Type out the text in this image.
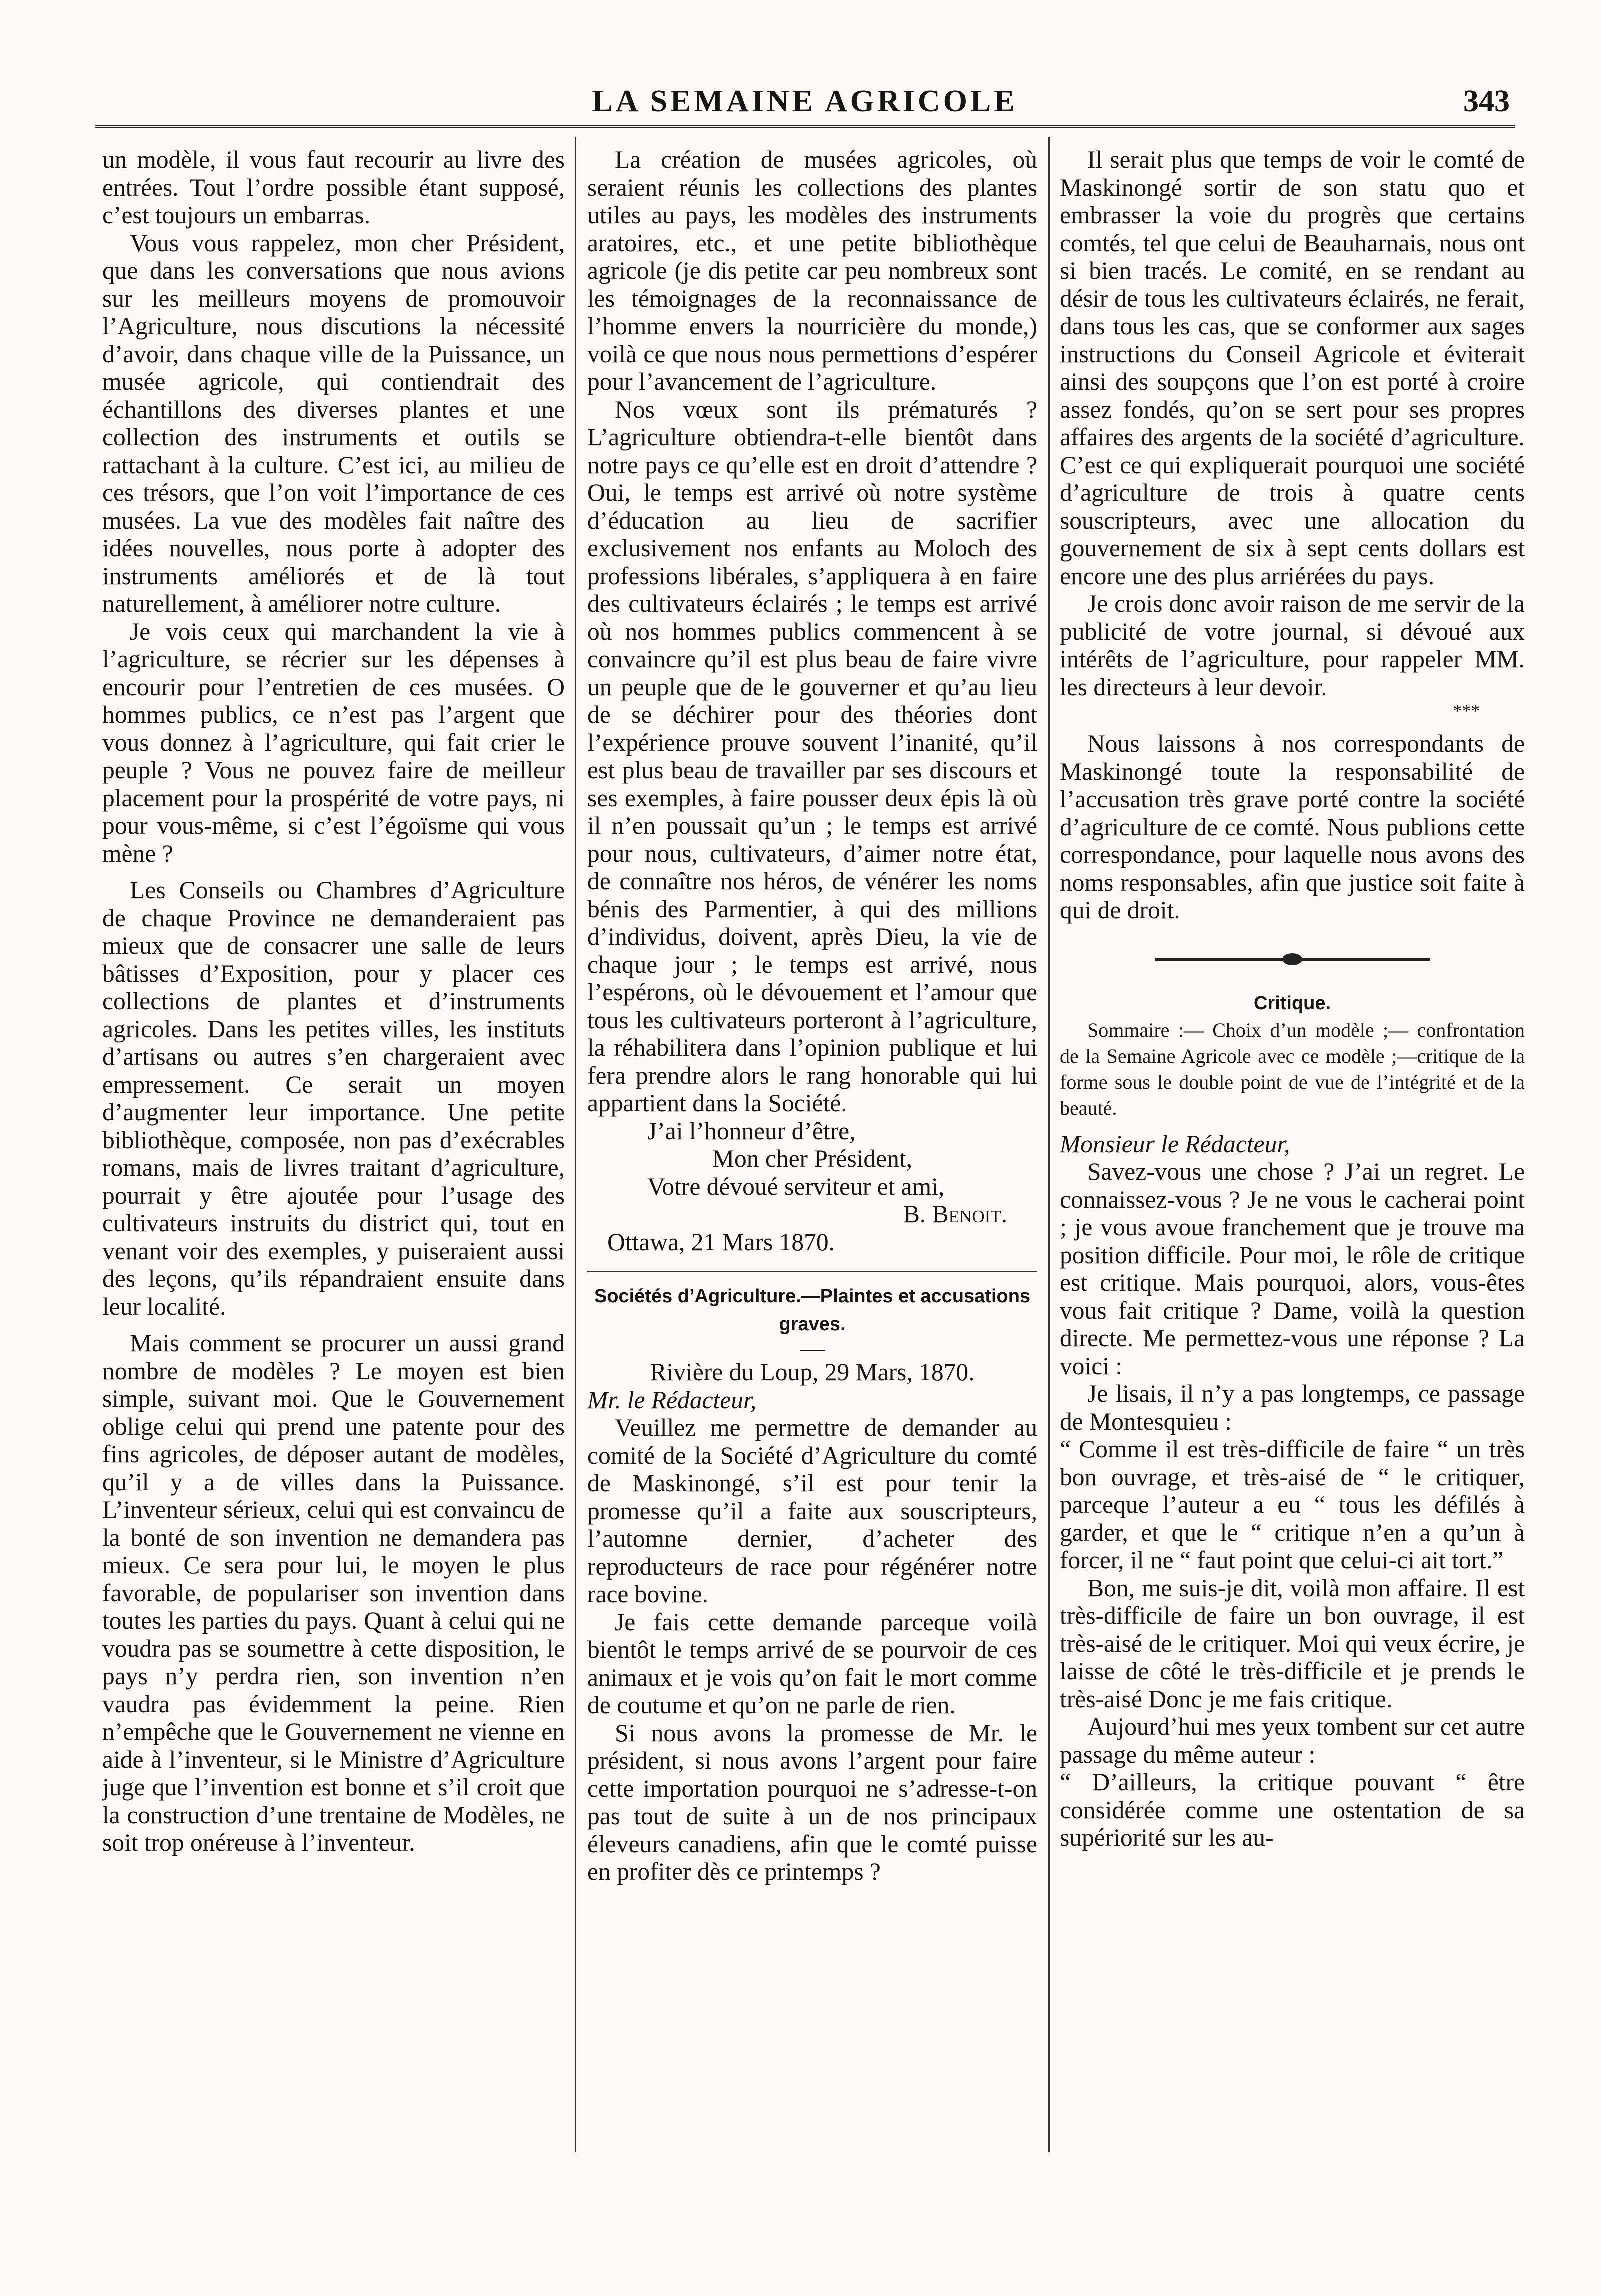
LA SEMAINE AGRICOLE	343

un modèle, il vous faut recourir au livre des entrées. Tout l’ordre possible étant supposé, c’est toujours un embarras.

Vous vous rappelez, mon cher Président, que dans les conversations que nous avions sur les meilleurs moyens de promouvoir l’Agriculture, nous discutions la nécessité d’avoir, dans chaque ville de la Puissance, un musée agricole, qui contiendrait des échantillons des diverses plantes et une collection des instruments et outils se rattachant à la culture. C’est ici, au milieu de ces trésors, que l’on voit l’importance de ces musées. La vue des modèles fait naître des idées nouvelles, nous porte à adopter des instruments améliorés et de là tout naturellement, à améliorer notre culture.

Je vois ceux qui marchandent la vie à l’agriculture, se récrier sur les dépenses à encourir pour l’entretien de ces musées. O hommes publics, ce n’est pas l’argent que vous donnez à l’agriculture, qui fait crier le peuple ? Vous ne pouvez faire de meilleur placement pour la prospérité de votre pays, ni pour vous-même, si c’est l’égoïsme qui vous mène ?

Les Conseils ou Chambres d’Agriculture de chaque Province ne demanderaient pas mieux que de consacrer une salle de leurs bâtisses d’Exposition, pour y placer ces collections de plantes et d’instruments agricoles. Dans les petites villes, les instituts d’artisans ou autres s’en chargeraient avec empressement. Ce serait un moyen d’augmenter leur importance. Une petite bibliothèque, composée, non pas d’exécrables romans, mais de livres traitant d’agriculture, pourrait y être ajoutée pour l’usage des cultivateurs instruits du district qui, tout en venant voir des exemples, y puiseraient aussi des leçons, qu’ils répandraient ensuite dans leur localité.

Mais comment se procurer un aussi grand nombre de modèles ? Le moyen est bien simple, suivant moi. Que le Gouvernement oblige celui qui prend une patente pour des fins agricoles, de déposer autant de modèles, qu’il y a de villes dans la Puissance. L’inventeur sérieux, celui qui est convaincu de la bonté de son invention ne demandera pas mieux. Ce sera pour lui, le moyen le plus favorable, de populariser son invention dans toutes les parties du pays. Quant à celui qui ne voudra pas se soumettre à cette disposition, le pays n’y perdra rien, son invention n’en vaudra pas évidemment la peine. Rien n’empêche que le Gouvernement ne vienne en aide à l’inventeur, si le Ministre d’Agriculture juge que l’invention est bonne et s’il croit que la construction d’une trentaine de Modèles, ne soit trop onéreuse à l’inventeur.

La création de musées agricoles, où seraient réunis les collections des plantes utiles au pays, les modèles des instruments aratoires, etc., et une petite bibliothèque agricole (je dis petite car peu nombreux sont les témoignages de la reconnaissance de l’homme envers la nourricière du monde,) voilà ce que nous nous permettions d’espérer pour l’avancement de l’agriculture.

Nos vœux sont ils prématurés ? L’agriculture obtiendra-t-elle bientôt dans notre pays ce qu’elle est en droit d’attendre ? Oui, le temps est arrivé où notre système d’éducation au lieu de sacrifier exclusivement nos enfants au Moloch des professions libérales, s’appliquera à en faire des cultivateurs éclairés ; le temps est arrivé où nos hommes publics commencent à se convaincre qu’il est plus beau de faire vivre un peuple que de le gouverner et qu’au lieu de se déchirer pour des théories dont l’expérience prouve souvent l’inanité, qu’il est plus beau de travailler par ses discours et ses exemples, à faire pousser deux épis là où il n’en poussait qu’un ; le temps est arrivé pour nous, cultivateurs, d’aimer notre état, de connaître nos héros, de vénérer les noms bénis des Parmentier, à qui des millions d’individus, doivent, après Dieu, la vie de chaque jour ; le temps est arrivé, nous l’espérons, où le dévouement et l’amour que tous les cultivateurs porteront à l’agriculture, la réhabilitera dans l’opinion publique et lui fera prendre alors le rang honorable qui lui appartient dans la Société.

J’ai l’honneur d’être,

Mon cher Président,

Votre dévoué serviteur et ami,

B. Benoit.

Ottawa, 21 Mars 1870.

Sociétés d’Agriculture.—Plaintes et accusations graves.

—

Rivière du Loup, 29 Mars, 1870.

Mr. le Rédacteur,

Veuillez me permettre de demander au comité de la Société d’Agriculture du comté de Maskinongé, s’il est pour tenir la promesse qu’il a faite aux souscripteurs, l’automne dernier, d’acheter des reproducteurs de race pour régénérer notre race bovine.

Je fais cette demande parceque voilà bientôt le temps arrivé de se pourvoir de ces animaux et je vois qu’on fait le mort comme de coutume et qu’on ne parle de rien.

Si nous avons la promesse de Mr. le président, si nous avons l’argent pour faire cette importation pourquoi ne s’adresse-t-on pas tout de suite à un de nos principaux éleveurs canadiens, afin que le comté puisse en profiter dès ce printemps ?

Il serait plus que temps de voir le comté de Maskinongé sortir de son statu quo et embrasser la voie du progrès que certains comtés, tel que celui de Beauharnais, nous ont si bien tracés. Le comité, en se rendant au désir de tous les cultivateurs éclairés, ne ferait, dans tous les cas, que se conformer aux sages instructions du Conseil Agricole et éviterait ainsi des soupçons que l’on est porté à croire assez fondés, qu’on se sert pour ses propres affaires des argents de la société d’agriculture. C’est ce qui expliquerait pourquoi une société d’agriculture de trois à quatre cents souscripteurs, avec une allocation du gouvernement de six à sept cents dollars est encore une des plus arriérées du pays.

Je crois donc avoir raison de me servir de la publicité de votre journal, si dévoué aux intérêts de l’agriculture, pour rappeler MM. les directeurs à leur devoir.

***

Nous laissons à nos correspondants de Maskinongé toute la responsabilité de l’accusation très grave porté contre la société d’agriculture de ce comté. Nous publions cette correspondance, pour laquelle nous avons des noms responsables, afin que justice soit faite à qui de droit.

Critique.

Sommaire :— Choix d’un modèle ;— confrontation de la Semaine Agricole avec ce modèle ;—critique de la forme sous le double point de vue de l’intégrité et de la beauté.

Monsieur le Rédacteur,

Savez-vous une chose ? J’ai un regret. Le connaissez-vous ? Je ne vous le cacherai point ; je vous avoue franchement que je trouve ma position difficile. Pour moi, le rôle de critique est critique. Mais pourquoi, alors, vous-êtes vous fait critique ? Dame, voilà la question directe. Me permettez-vous une réponse ? La voici :

Je lisais, il n’y a pas longtemps, ce passage de Montesquieu :

“ Comme il est très-difficile de faire “ un très bon ouvrage, et très-aisé de “ le critiquer, parceque l’auteur a eu “ tous les défilés à garder, et que le “ critique n’en a qu’un à forcer, il ne “ faut point que celui-ci ait tort.”

Bon, me suis-je dit, voilà mon affaire. Il est très-difficile de faire un bon ouvrage, il est très-aisé de le critiquer. Moi qui veux écrire, je laisse de côté le très-difficile et je prends le très-aisé Donc je me fais critique.

Aujourd’hui mes yeux tombent sur cet autre passage du même auteur :

“ D’ailleurs, la critique pouvant “ être considérée comme une ostentation de sa supériorité sur les au-
